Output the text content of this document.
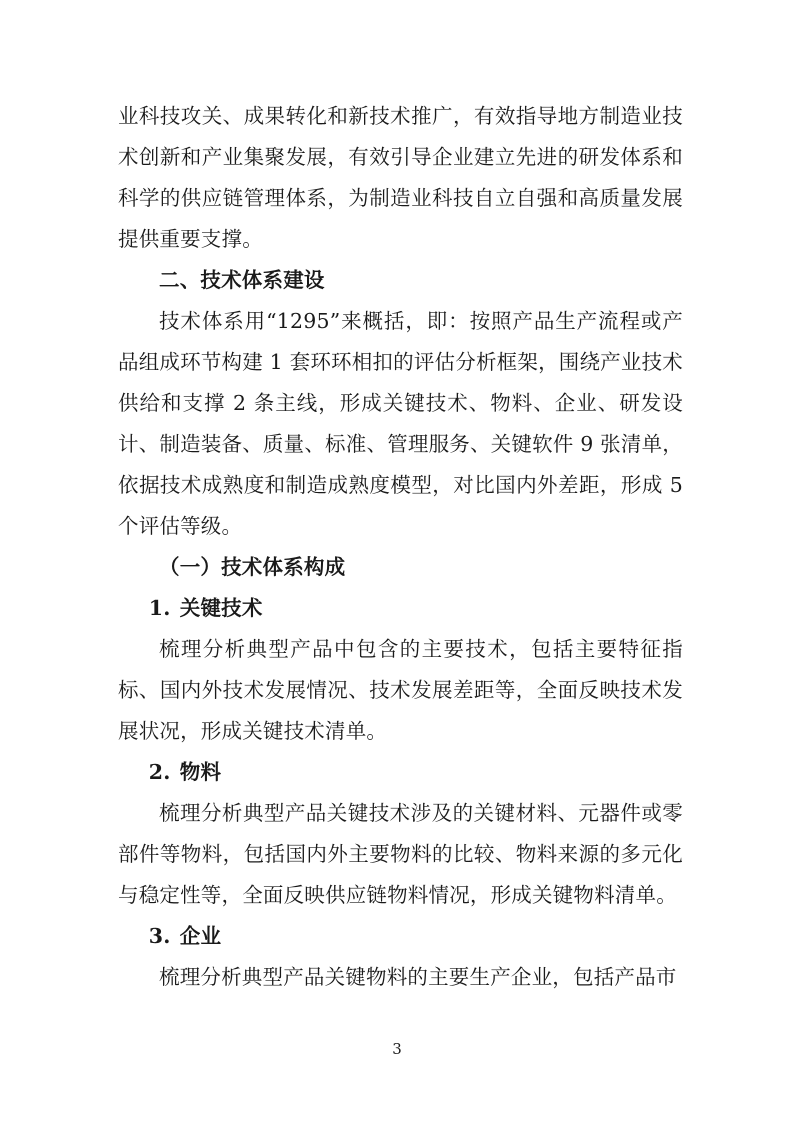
业科技攻关、成果转化和新技术推广，有效指导地方制造业技术创新和产业集聚发展，有效引导企业建立先进的研发体系和科学的供应链管理体系，为制造业科技自立自强和高质量发展提供重要支撑。

二、技术体系建设

技术体系用“1295”来概括，即：按照产品生产流程或产品组成环节构建 1 套环环相扣的评估分析框架，围绕产业技术供给和支撑 2 条主线，形成关键技术、物料、企业、研发设计、制造装备、质量、标准、管理服务、关键软件 9 张清单，依据技术成熟度和制造成熟度模型，对比国内外差距，形成 5 个评估等级。

（一）技术体系构成

1. 关键技术

梳理分析典型产品中包含的主要技术，包括主要特征指标、国内外技术发展情况、技术发展差距等，全面反映技术发展状况，形成关键技术清单。

2. 物料

梳理分析典型产品关键技术涉及的关键材料、元器件或零部件等物料，包括国内外主要物料的比较、物料来源的多元化与稳定性等，全面反映供应链物料情况，形成关键物料清单。

3. 企业

梳理分析典型产品关键物料的主要生产企业，包括产品市

3
